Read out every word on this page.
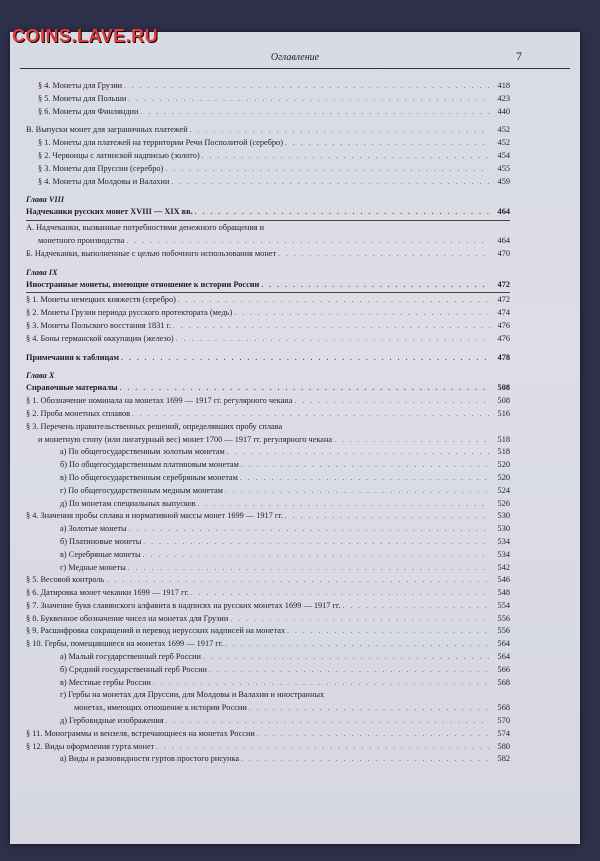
COINS.LAVE.RU
Оглавление	7
§ 4. Монеты для Грузии . . .	418
§ 5. Монеты для Польши . . .	423
§ 6. Монеты для Финляндии . . .	440
В. Выпуски монет для заграничных платежей . . .	452
§ 1. Монеты для платежей на территории Речи Посполитой (серебро) . . .	452
§ 2. Червонцы с латинской надписью (золото) . . .	454
§ 3. Монеты для Пруссии (серебро) . . .	455
§ 4. Монеты для Молдовы и Валахии . . .	459
Глава VIII
Надчеканки русских монет XVIII — XIX вв. . . .	464
А. Надчеканки, вызванные потребностями денежного обращения и
монетного производства . . .	464
Б. Надчеканки, выполненные с целью побочного использования монет . . .	470
Глава IX
Иностранные монеты, имеющие отношение к истории России . . .	472
§ 1. Монеты немецких княжеств (серебро) . . .	472
§ 2. Монеты Грузии периода русского протектората (медь) . . .	474
§ 3. Монеты Польского восстания 1831 г. . . .	476
§ 4. Боны германской оккупации (железо) . . .	476
Примечания к таблицам . . .	478
Глава X
Справочные материалы . . .	508
§ 1. Обозначение номинала на монетах 1699 — 1917 гг. регулярного чекана . . .	508
§ 2. Проба монетных сплавов . . .	516
§ 3. Перечень правительственных решений, определявших пробу сплава
и монетную стопу (или лигатурный вес) монет 1700 — 1917 гг. регулярного чекана . . .	518
а) По общегосударственным золотым монетам . . .	518
б) По общегосударственным платиновым монетам . . .	520
в) По общегосударственным серебряным монетам . . .	520
г) По общегосударственным медным монетам . . .	524
д) По монетам специальных выпусков . . .	526
§ 4. Значения пробы сплава и нормативной массы монет 1699 — 1917 гг. . . .	530
а) Золотые монеты . . .	530
б) Платиновые монеты . . .	534
в) Серебряные монеты . . .	534
г) Медные монеты . . .	542
§ 5. Весовой контроль . . .	546
§ 6. Датировка монет чеканки 1699 — 1917 гг. . . .	548
§ 7. Значение букв славянского алфавита в надписях на русских монетах 1699 — 1917 гг. . . .	554
§ 8. Буквенное обозначение чисел на монетах для Грузии . . .	556
§ 9. Расшифровка сокращений и перевод нерусских надписей на монетах . . .	556
§ 10. Гербы, помещавшиеся на монетах 1699 — 1917 гг. . . .	564
а) Малый государственный герб России . . .	564
б) Средний государственный герб России . . .	566
в) Местные гербы России . . .	568
г) Гербы на монетах для Пруссии, для Молдовы и Валахии и иностранных
монетах, имеющих отношение к истории России . . .	568
д) Гербовидные изображения . . .	570
§ 11. Монограммы и вензеля, встречающиеся на монетах России . . .	574
§ 12. Виды оформления гурта монет . . .	580
а) Виды и разновидности гуртов простого рисунка . . .	582
